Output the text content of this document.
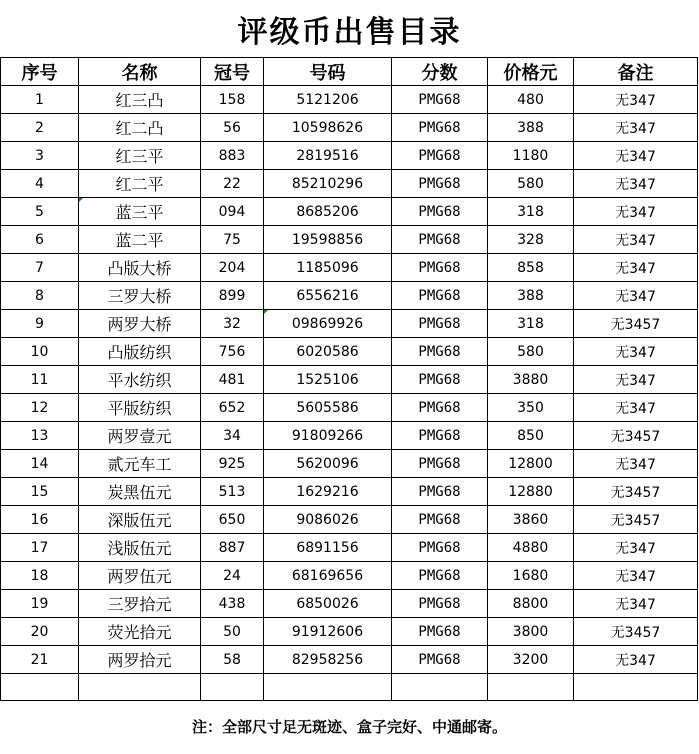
评级币出售目录
序号	名称	冠号	号码	分数	价格元	备注
1	红三凸	158	5121206	PMG68	480	无347
2	红二凸	56	10598626	PMG68	388	无347
3	红三平	883	2819516	PMG68	1180	无347
4	红二平	22	85210296	PMG68	580	无347
5	蓝三平	094	8685206	PMG68	318	无347
6	蓝二平	75	19598856	PMG68	328	无347
7	凸版大桥	204	1185096	PMG68	858	无347
8	三罗大桥	899	6556216	PMG68	388	无347
9	两罗大桥	32	09869926	PMG68	318	无3457
10	凸版纺织	756	6020586	PMG68	580	无347
11	平水纺织	481	1525106	PMG68	3880	无347
12	平版纺织	652	5605586	PMG68	350	无347
13	两罗壹元	34	91809266	PMG68	850	无3457
14	贰元车工	925	5620096	PMG68	12800	无347
15	炭黑伍元	513	1629216	PMG68	12880	无3457
16	深版伍元	650	9086026	PMG68	3860	无3457
17	浅版伍元	887	6891156	PMG68	4880	无347
18	两罗伍元	24	68169656	PMG68	1680	无347
19	三罗拾元	438	6850026	PMG68	8800	无347
20	荧光拾元	50	91912606	PMG68	3800	无3457
21	两罗拾元	58	82958256	PMG68	3200	无347

注：全部尺寸足无斑迹、盒子完好、中通邮寄。
